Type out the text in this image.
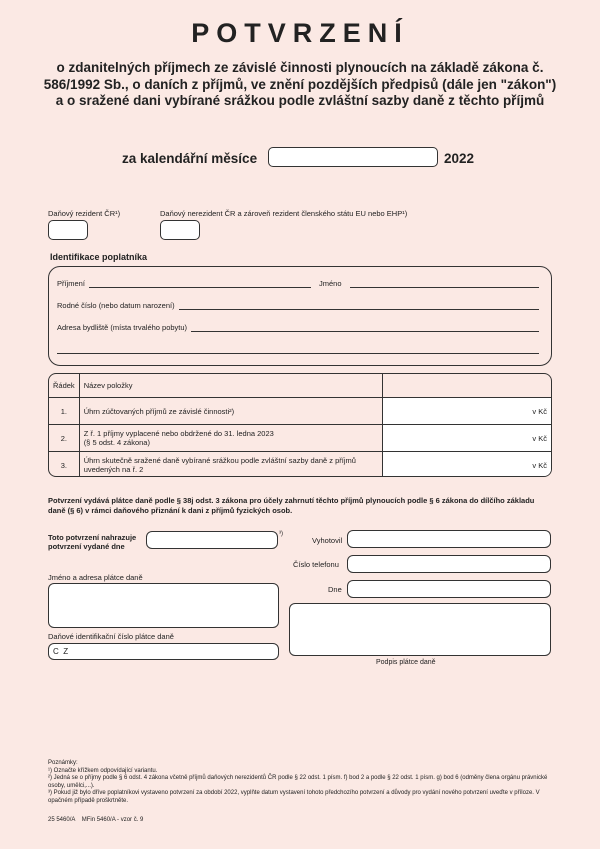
POTVRZENÍ
o zdanitelných příjmech ze závislé činnosti plynoucích na základě zákona č. 586/1992 Sb., o daních z příjmů, ve znění pozdějších předpisů (dále jen "zákon") a o sražené dani vybírané srážkou podle zvláštní sazby daně z těchto příjmů
za kalendářní měsíce	2022
Daňový rezident ČR¹)	Daňový nerezident ČR a zároveň rezident členského státu EU nebo EHP¹)
Identifikace poplatníka
Příjmení	Jméno
Rodné číslo (nebo datum narození)
Adresa bydliště (místa trvalého pobytu)
Řádek	Název položky	
1.	Úhrn zúčtovaných příjmů ze závislé činnosti²)	v Kč
2.	Z ř. 1 příjmy vyplacené nebo obdržené do 31. ledna 2023
(§ 5 odst. 4 zákona)	v Kč
3.	Úhrn skutečně sražené daně vybírané srážkou podle zvláštní sazby daně z příjmů
uvedených na ř. 2	v Kč
Potvrzení vydává plátce daně podle § 38j odst. 3 zákona pro účely zahrnutí těchto příjmů plynoucích podle § 6 zákona do dílčího základu daně (§ 6) v rámci daňového přiznání k dani z příjmů fyzických osob.
Toto potvrzení nahrazuje
potvrzení vydané dne
³)
Vyhotovil
Číslo telefonu
Dne
Jméno a adresa plátce daně
Podpis plátce daně
Daňové identifikační číslo plátce daně
C  Z
Poznámky:
¹) Označte křížkem odpovídající variantu.
²) Jedná se o příjmy podle § 6 odst. 4 zákona včetně příjmů daňových nerezidentů ČR podle § 22 odst. 1 písm. f) bod 2 a podle § 22 odst. 1 písm. g) bod 6 (odměny člena orgánu právnické osoby, umělci,...).
³) Pokud již bylo dříve poplatníkovi vystaveno potvrzení za období 2022, vyplňte datum vystavení tohoto předchozího potvrzení a důvody pro vydání nového potvrzení uveďte v příloze. V opačném případě proškrtněte.
25 5460/A    MFin 5460/A - vzor č. 9
